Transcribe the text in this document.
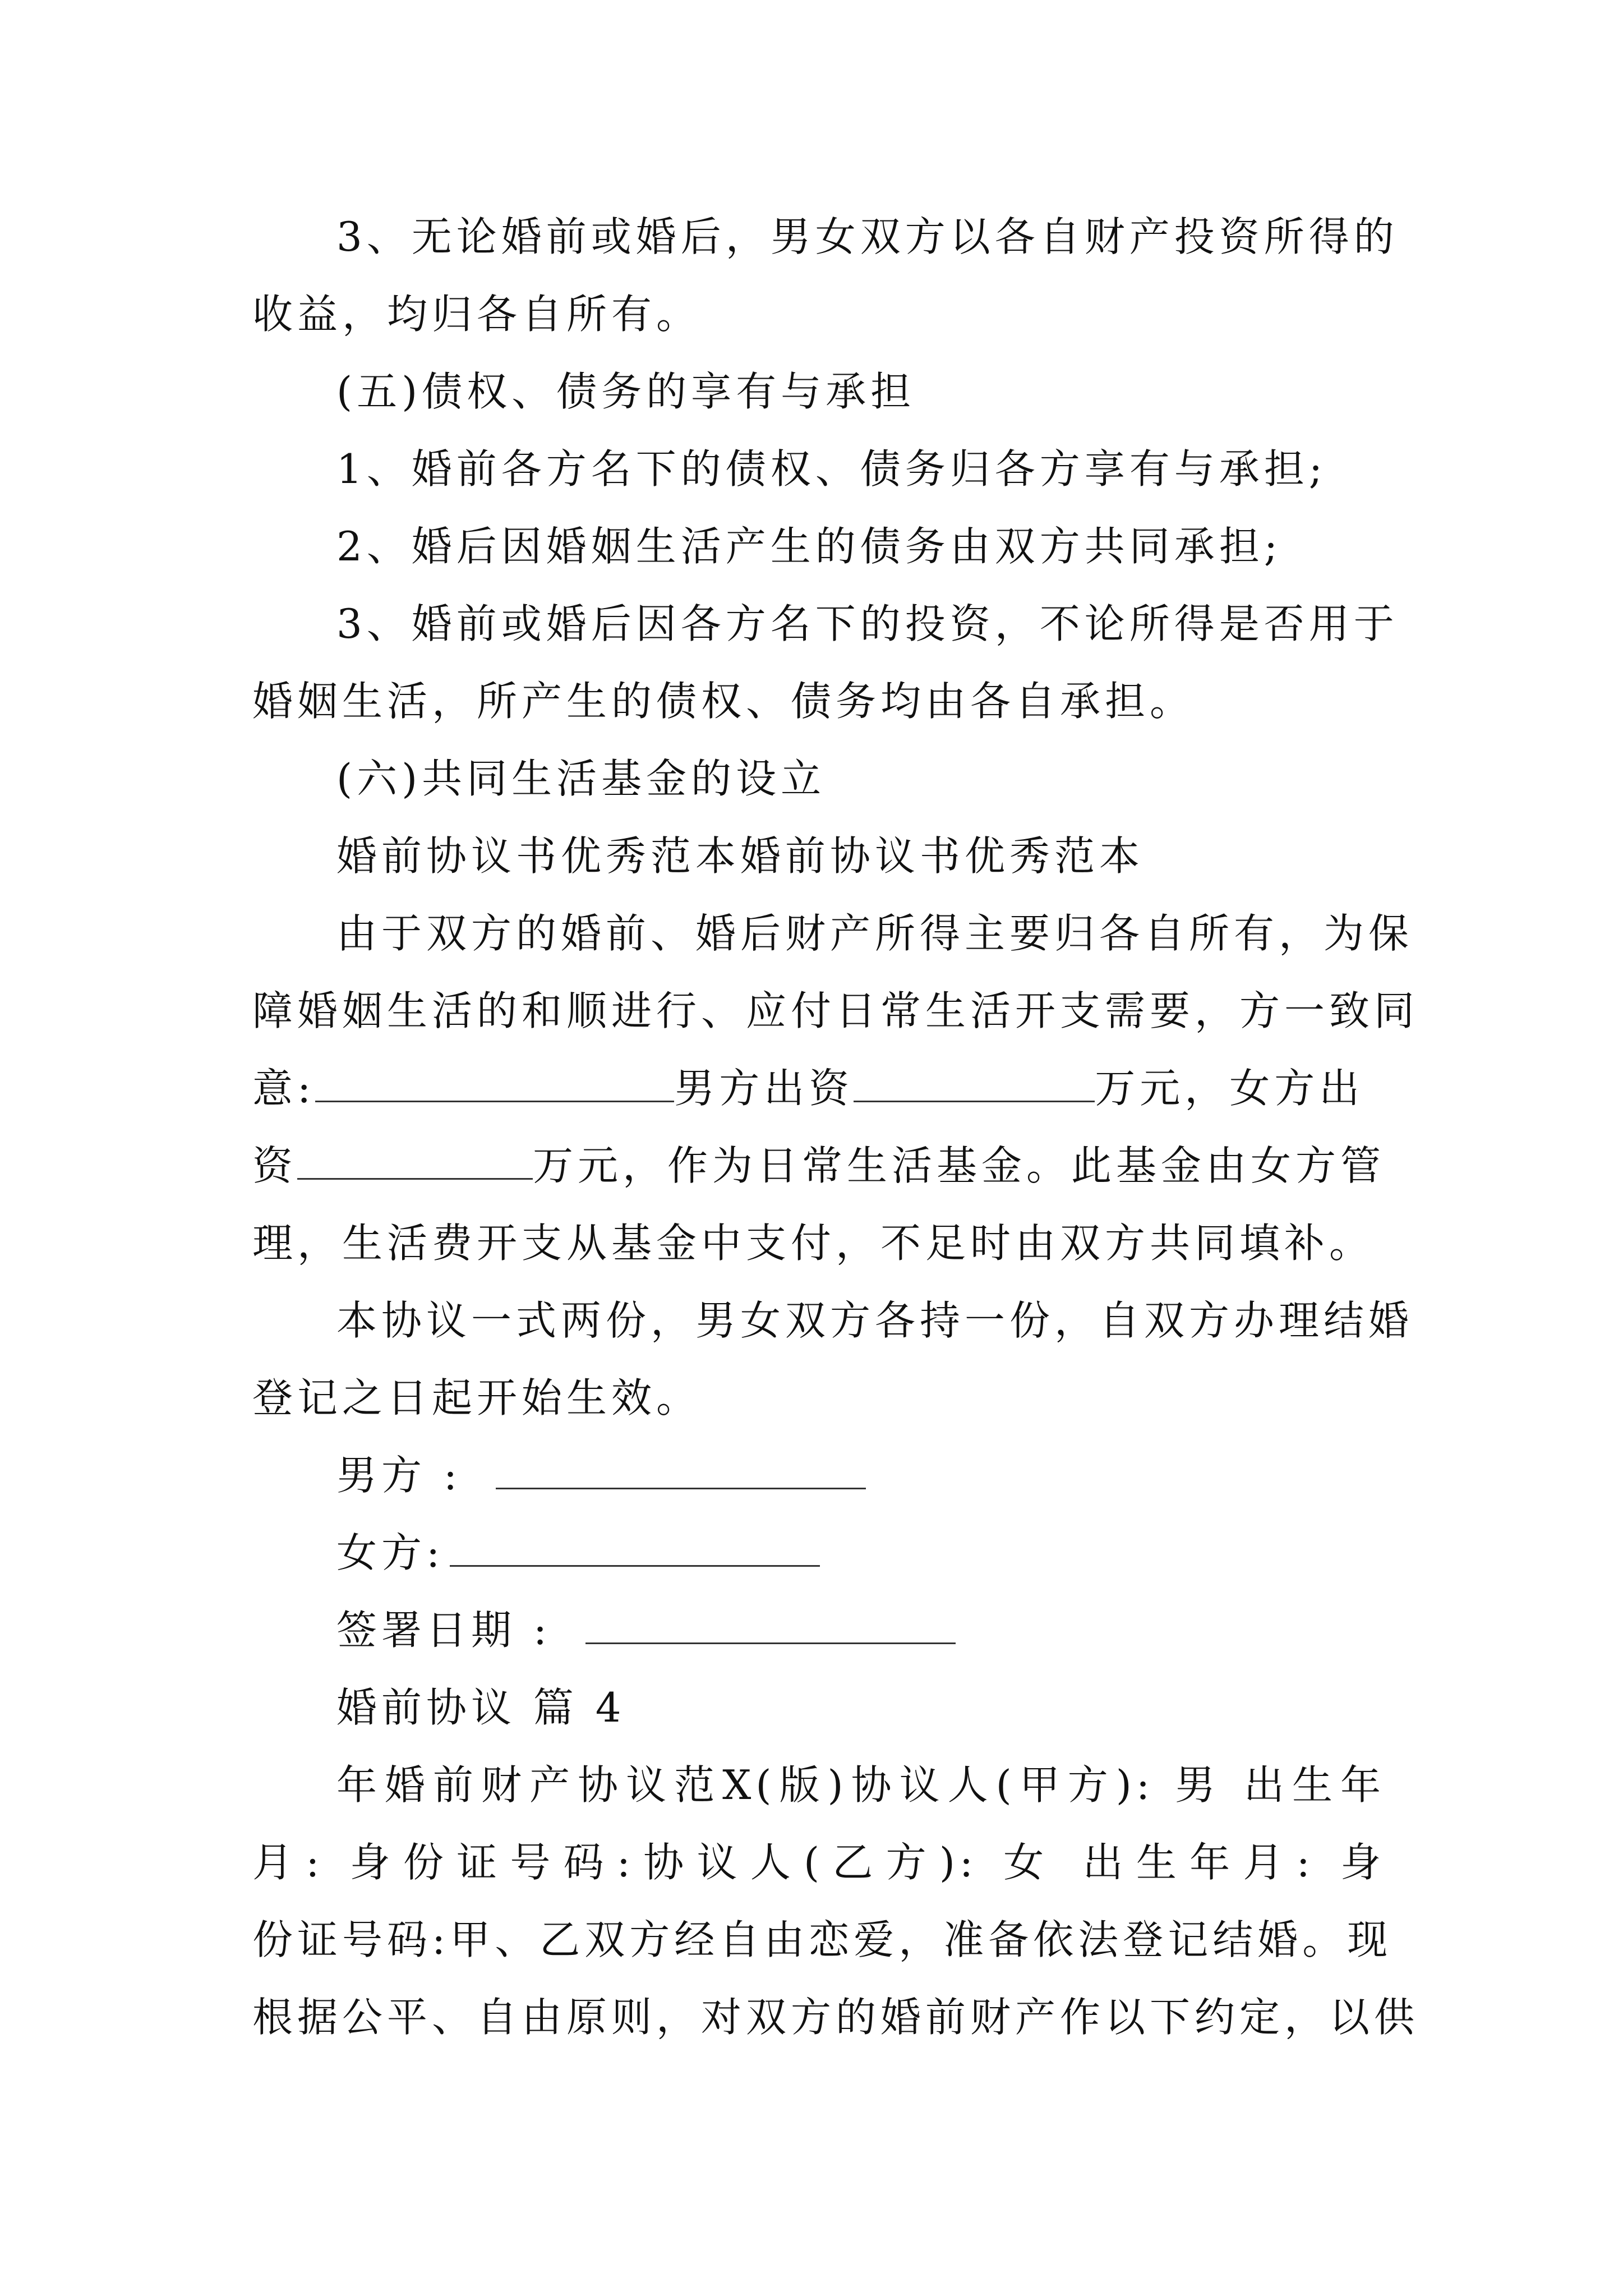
3、无论婚前或婚后，男女双方以各自财产投资所得的
收益，均归各自所有。
(五)债权、债务的享有与承担
1、婚前各方名下的债权、债务归各方享有与承担;
2、婚后因婚姻生活产生的债务由双方共同承担;
3、婚前或婚后因各方名下的投资，不论所得是否用于
婚姻生活，所产生的债权、债务均由各自承担。
(六)共同生活基金的设立
婚前协议书优秀范本婚前协议书优秀范本
由于双方的婚前、婚后财产所得主要归各自所有，为保
障婚姻生活的和顺进行、应付日常生活开支需要，方一致同
意:	男方出资	万元，女方出
资	万元，作为日常生活基金。此基金由女方管
理，生活费开支从基金中支付，不足时由双方共同填补。
本协议一式两份，男女双方各持一份，自双方办理结婚
登记之日起开始生效。
男方 :
女方:
签署日期 :
婚前协议 篇 4
年婚前财产协议范X(版)协议人(甲方): 男 出生年
月: 身份证号码:协议人(乙方): 女 出生年月: 身
份证号码:甲、乙双方经自由恋爱，准备依法登记结婚。现
根据公平、自由原则，对双方的婚前财产作以下约定，以供
